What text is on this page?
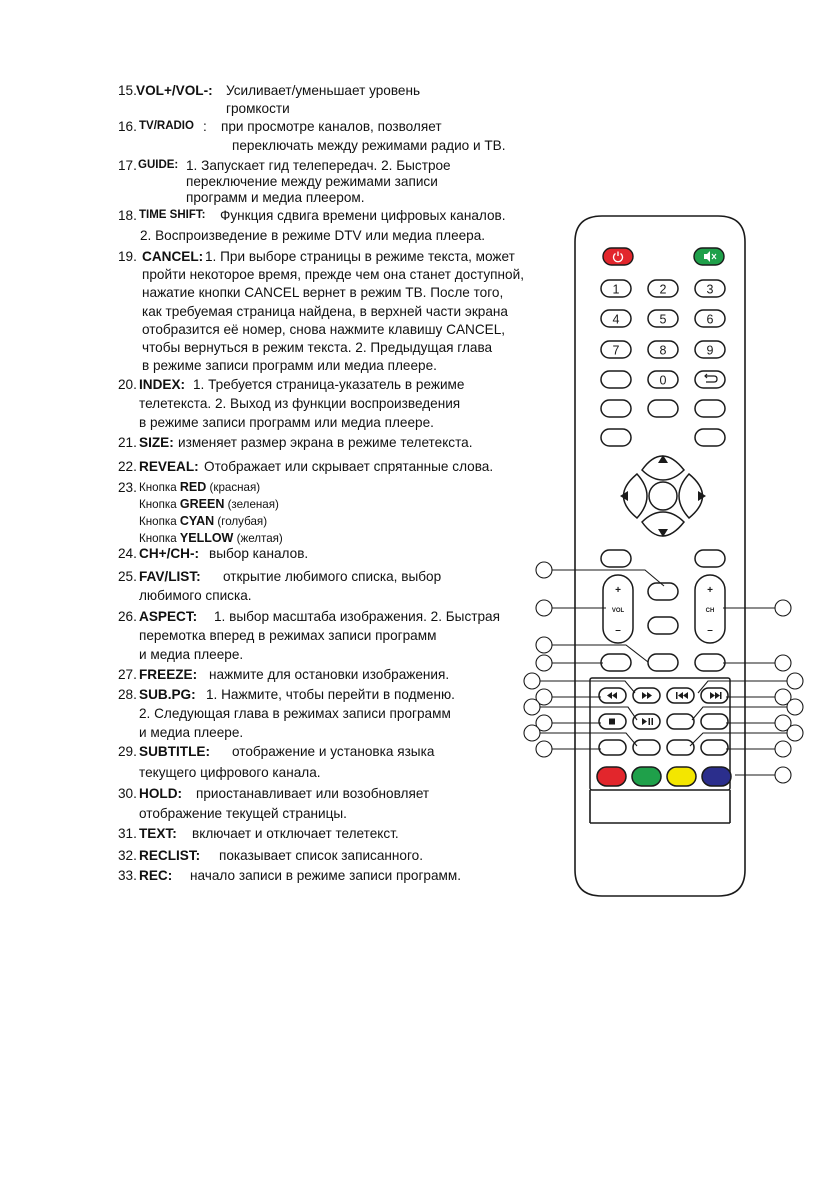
15. VOL+/VOL-: Усиливает/уменьшает уровень
громкости
16. TV/RADIO : при просмотре каналов, позволяет
переключать между режимами радио и ТВ.
17. GUIDE: 1. Запускает гид телепередач. 2. Быстрое
переключение между режимами записи
программ и медиа плеером.
18. TIME SHIFT: Функция сдвига времени цифровых каналов.
2. Воспроизведение в режиме DTV или медиа плеера.
19. CANCEL: 1. При выборе страницы в режиме текста, может
пройти некоторое время, прежде чем она станет доступной,
нажатие кнопки CANCEL вернет в режим ТВ. После того,
как требуемая страница найдена, в верхней части экрана
отобразится её номер, снова нажмите клавишу CANCEL,
чтобы вернуться в режим текста. 2. Предыдущая глава
в режиме записи программ или медиа плеере.
20. INDEX: 1. Требуется страница-указатель в режиме
телетекста. 2. Выход из функции воспроизведения
в режиме записи программ или медиа плеере.
21. SIZE: изменяет размер экрана в режиме телетекста.
22. REVEAL: Отображает или скрывает спрятанные слова.
23. Кнопка RED (красная)
Кнопка GREEN (зеленая)
Кнопка CYAN (голубая)
Кнопка YELLOW (желтая)
24. CH+/CH-: выбор каналов.
25. FAV/LIST: открытие любимого списка, выбор
любимого списка.
26. ASPECT: 1. выбор масштаба изображения. 2. Быстрая
перемотка вперед в режимах записи программ
и медиа плеере.
27. FREEZE: нажмите для остановки изображения.
28. SUB.PG: 1. Нажмите, чтобы перейти в подменю.
2. Следующая глава в режимах записи программ
и медиа плеере.
29. SUBTITLE: отображение и установка языка
текущего цифрового канала.
30. HOLD: приостанавливает или возобновляет
отображение текущей страницы.
31. TEXT: включает и отключает телетекст.
32. RECLIST: показывает список записанного.
33. REC: начало записи в режиме записи программ.
1	2	3
4	5	6
7	8	9
0
+
VOL
–
+
CH
–
